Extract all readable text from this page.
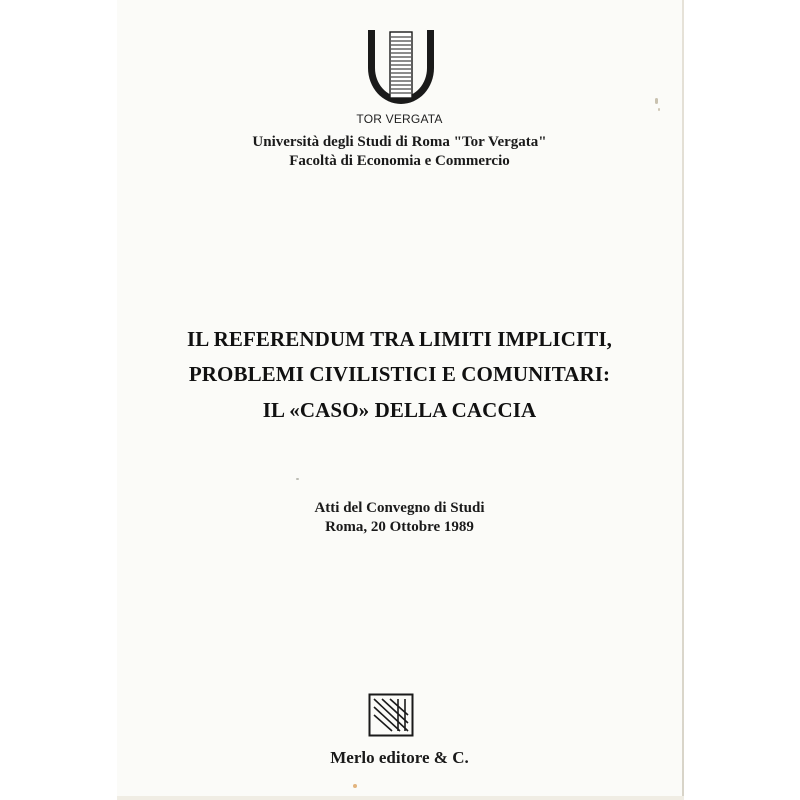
TOR VERGATA
Università degli Studi di Roma "Tor Vergata"
Facoltà di Economia e Commercio
IL REFERENDUM TRA LIMITI IMPLICITI,
PROBLEMI CIVILISTICI E COMUNITARI:
IL «CASO» DELLA CACCIA
Atti del Convegno di Studi
Roma, 20 Ottobre 1989
Merlo editore & C.
